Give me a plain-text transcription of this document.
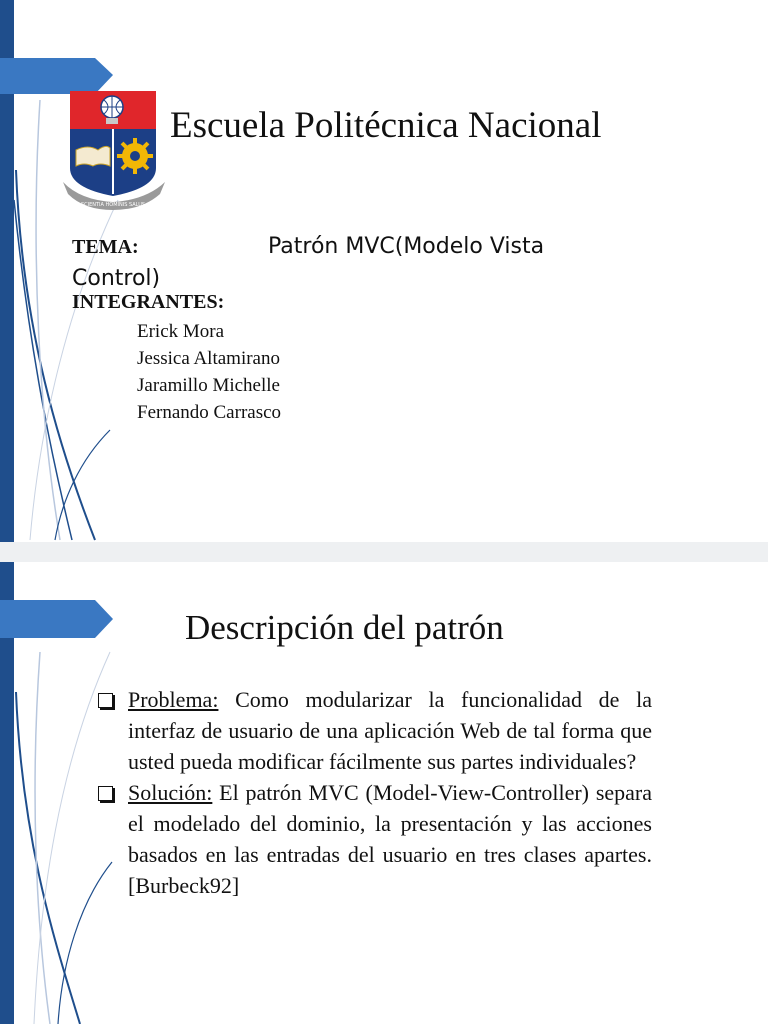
SCIENTIA HOMINIS SALUS
Escuela Politécnica Nacional
TEMA:	Patrón MVC(Modelo Vista Control)
INTEGRANTES:
Erick Mora
Jessica Altamirano
Jaramillo Michelle
Fernando Carrasco
Descripción del patrón
Problema: Como modularizar la funcionalidad de la interfaz de usuario de una aplicación Web de tal forma que usted pueda modificar fácilmente sus partes individuales?
Solución: El patrón MVC (Model-View-Controller) separa el modelado del dominio, la presentación y las acciones basados en las entradas del usuario en tres clases apartes. [Burbeck92]
